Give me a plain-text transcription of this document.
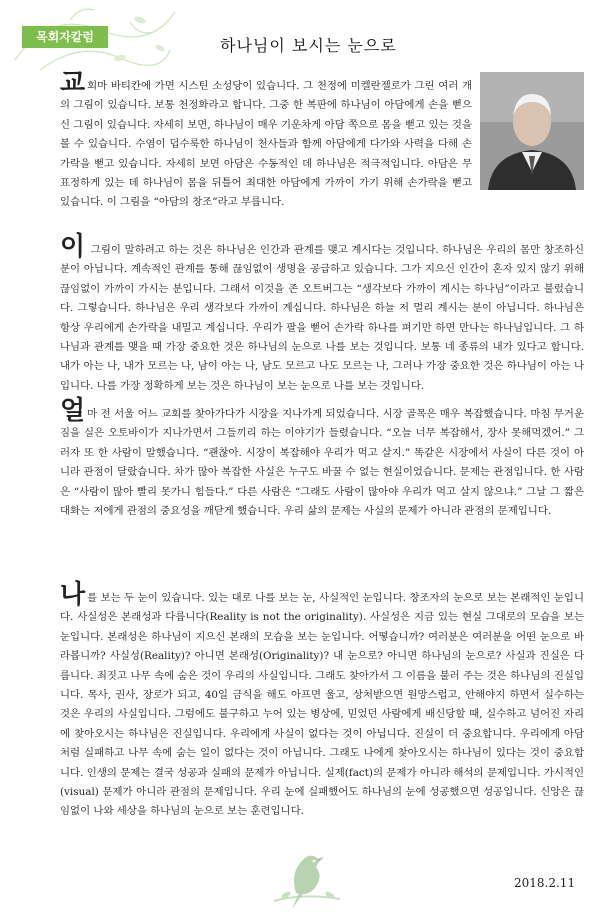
목회자칼럼	하나님이 보시는 눈으로

교회마 바티칸에 가면 시스틴 소성당이 있습니다. 그 천정에 미켈란젤로가 그린 여러 개의 그림이 있습니다. 보통 천정화라고 합니다. 그중 한 복판에 하나님이 아담에게 손을 뻗으신 그림이 있습니다. 자세히 보면, 하나님이 매우 기운차게 아담 쪽으로 몸을 뻗고 있는 것을 볼 수 있습니다. 수염이 덥수룩한 하나님이 천사들과 함께 아담에게 다가와 사력을 다해 손가락을 뻗고 있습니다. 자세히 보면 아담은 수동적인 데 하나님은 적극적입니다. 아담은 무표정하게 있는 데 하나님이 몸을 뒤틀어 최대한 아담에게 가까이 가기 위해 손가락을 뻗고 있습니다. 이 그림을 “아담의 창조”라고 부릅니다.

이 그림이 말하려고 하는 것은 하나님은 인간과 관계를 맺고 계시다는 것입니다. 하나님은 우리의 몸만 창조하신 분이 아닙니다. 계속적인 관계를 통해 끊임없이 생명을 공급하고 있습니다. 그가 지으신 인간이 혼자 있지 않기 위해 끊임없이 가까이 가시는 분입니다. 그래서 이것을 존 오트버그는 “생각보다 가까이 계시는 하나님”이라고 불렀습니다. 그렇습니다. 하나님은 우리 생각보다 가까이 계십니다. 하나님은 하늘 저 멀리 계시는 분이 아닙니다. 하나님은 항상 우리에게 손가락을 내밀고 계십니다. 우리가 팔을 뻗어 손가락 하나를 펴기만 하면 만나는 하나님입니다. 그 하나님과 관계를 맺을 때 가장 중요한 것은 하나님의 눈으로 나를 보는 것입니다. 보통 네 종류의 내가 있다고 합니다. 내가 아는 나, 내가 모르는 나, 남이 아는 나, 남도 모르고 나도 모르는 나, 그러나 가장 중요한 것은 하나님이 아는 나입니다. 나를 가장 정확하게 보는 것은 하나님이 보는 눈으로 나를 보는 것입니다.

얼마 전 서울 어느 교회를 찾아가다가 시장을 지나가게 되었습니다. 시장 골목은 매우 복잡했습니다. 마침 무거운 짐을 실은 오토바이가 지나가면서 그들끼리 하는 이야기가 들렸습니다. “오늘 너무 복잡해서, 장사 못해먹겠어.” 그러자 또 한 사람이 말했습니다. “괜찮아. 시장이 복잡해야 우리가 먹고 살지.” 똑같은 시장에서 사실이 다른 것이 아니라 관점이 달랐습니다. 차가 많아 복잡한 사실은 누구도 바꿀 수 없는 현실이었습니다. 문제는 관점입니다. 한 사람은 “사람이 많아 빨리 못가니 힘들다.” 다른 사람은 “그래도 사람이 많아야 우리가 먹고 살지 않으냐.” 그날 그 짧은 대화는 저에게 관점의 중요성을 깨닫게 했습니다. 우리 삶의 문제는 사실의 문제가 아니라 관점의 문제입니다.

나를 보는 두 눈이 있습니다. 있는 대로 나를 보는 눈, 사실적인 눈입니다. 창조자의 눈으로 보는 본래적인 눈입니다. 사실성은 본래성과 다릅니다(Reality is not the originality). 사실성은 지금 있는 현실 그대로의 모습을 보는 눈입니다. 본래성은 하나님이 지으신 본래의 모습을 보는 눈입니다. 어떻습니까? 여러분은 여러분을 어떤 눈으로 바라봅니까? 사실성(Reality)? 아니면 본래성(Originality)? 내 눈으로? 아니면 하나님의 눈으로? 사실과 진실은 다릅니다. 죄짓고 나무 속에 숨은 것이 우리의 사실입니다. 그래도 찾아가서 그 이름을 불러 주는 것은 하나님의 진실입니다. 목사, 권사, 장로가 되고, 40일 금식을 해도 아프면 울고, 상처받으면 원망스럽고, 안해야지 하면서 실수하는 것은 우리의 사실입니다. 그럼에도 불구하고 누어 있는 병상에, 믿었던 사람에게 배신당할 때, 실수하고 넘어진 자리에 찾아오시는 하나님은 진실입니다. 우리에게 사실이 없다는 것이 아닙니다. 진실이 더 중요합니다. 우리에게 아담처럼 실패하고 나무 속에 숨는 일이 없다는 것이 아닙니다. 그래도 나에게 찾아오시는 하나님이 있다는 것이 중요합니다. 인생의 문제는 결국 성공과 실패의 문제가 아닙니다. 실제(fact)의 문제가 아니라 해석의 문제입니다. 가시적인(visual) 문제가 아니라 관점의 문제입니다. 우리 눈에 실패했어도 하나님의 눈에 성공했으면 성공입니다. 신앙은 끊임없이 나와 세상을 하나님의 눈으로 보는 훈련입니다.

2018.2.11
